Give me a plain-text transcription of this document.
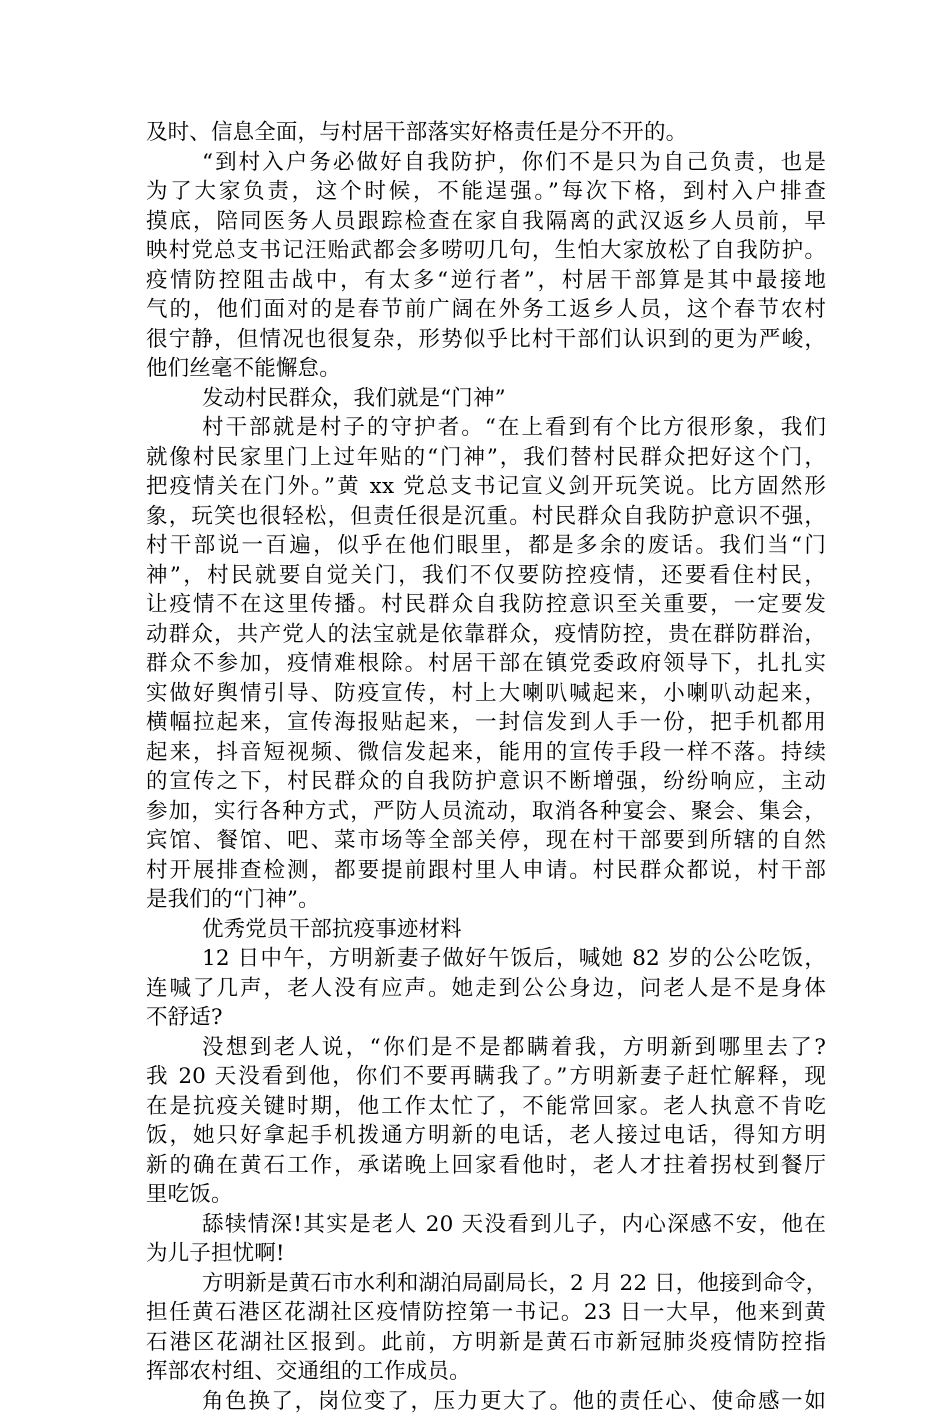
及时、信息全面，与村居干部落实好格责任是分不开的。
“到村入户务必做好自我防护，你们不是只为自己负责，也是
为了大家负责，这个时候，不能逞强。”每次下格，到村入户排查
摸底，陪同医务人员跟踪检查在家自我隔离的武汉返乡人员前，早
映村党总支书记汪贻武都会多唠叨几句，生怕大家放松了自我防护。
疫情防控阻击战中，有太多“逆行者”，村居干部算是其中最接地
气的，他们面对的是春节前广阔在外务工返乡人员，这个春节农村
很宁静，但情况也很复杂，形势似乎比村干部们认识到的更为严峻，
他们丝毫不能懈怠。
发动村民群众，我们就是“门神”
村干部就是村子的守护者。“在上看到有个比方很形象，我们
就像村民家里门上过年贴的“门神”，我们替村民群众把好这个门，
把疫情关在门外。”黄 xx 党总支书记宣义剑开玩笑说。比方固然形
象，玩笑也很轻松，但责任很是沉重。村民群众自我防护意识不强，
村干部说一百遍，似乎在他们眼里，都是多余的废话。我们当“门
神”，村民就要自觉关门，我们不仅要防控疫情，还要看住村民，
让疫情不在这里传播。村民群众自我防控意识至关重要，一定要发
动群众，共产党人的法宝就是依靠群众，疫情防控，贵在群防群治，
群众不参加，疫情难根除。村居干部在镇党委政府领导下，扎扎实
实做好舆情引导、防疫宣传，村上大喇叭喊起来，小喇叭动起来，
横幅拉起来，宣传海报贴起来，一封信发到人手一份，把手机都用
起来，抖音短视频、微信发起来，能用的宣传手段一样不落。持续
的宣传之下，村民群众的自我防护意识不断增强，纷纷响应，主动
参加，实行各种方式，严防人员流动，取消各种宴会、聚会、集会，
宾馆、餐馆、吧、菜市场等全部关停，现在村干部要到所辖的自然
村开展排查检测，都要提前跟村里人申请。村民群众都说，村干部
是我们的“门神”。
优秀党员干部抗疫事迹材料
12 日中午，方明新妻子做好午饭后，喊她 82 岁的公公吃饭，
连喊了几声，老人没有应声。她走到公公身边，问老人是不是身体
不舒适?
没想到老人说，“你们是不是都瞒着我，方明新到哪里去了?
我 20 天没看到他，你们不要再瞒我了。”方明新妻子赶忙解释，现
在是抗疫关键时期，他工作太忙了，不能常回家。老人执意不肯吃
饭，她只好拿起手机拨通方明新的电话，老人接过电话，得知方明
新的确在黄石工作，承诺晚上回家看他时，老人才拄着拐杖到餐厅
里吃饭。
舔犊情深!其实是老人 20 天没看到儿子，内心深感不安，他在
为儿子担忧啊!
方明新是黄石市水利和湖泊局副局长，2 月 22 日，他接到命令，
担任黄石港区花湖社区疫情防控第一书记。23 日一大早，他来到黄
石港区花湖社区报到。此前，方明新是黄石市新冠肺炎疫情防控指
挥部农村组、交通组的工作成员。
角色换了，岗位变了，压力更大了。他的责任心、使命感一如
